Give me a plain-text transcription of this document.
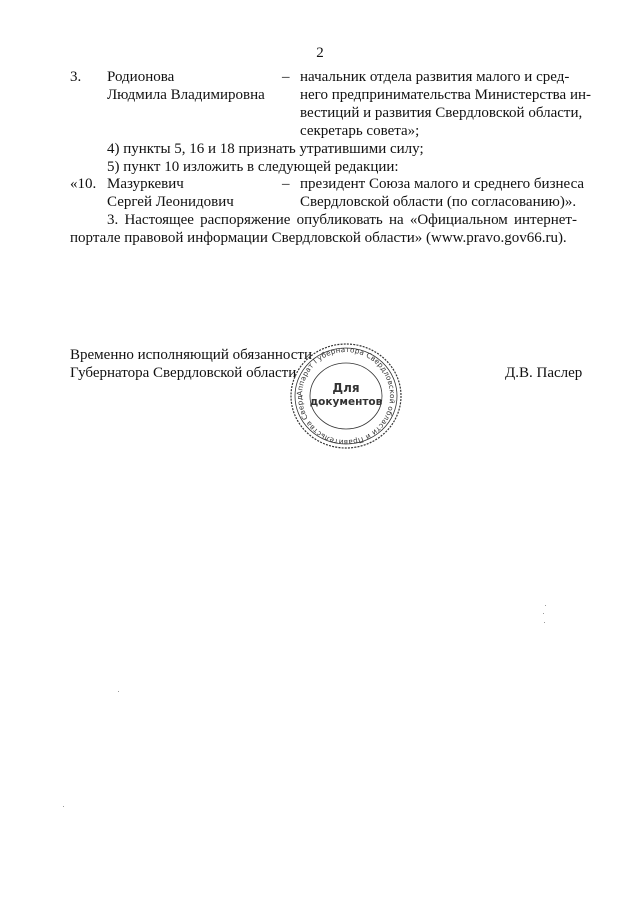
2
3. Родионова
Людмила Владимировна
– начальник отдела развития малого и сред-
него предпринимательства Министерства ин-
вестиций и развития Свердловской области,
секретарь совета»;
4) пункты 5, 16 и 18 признать утратившими силу;
5) пункт 10 изложить в следующей редакции:
«10. Мазуркевич
Сергей Леонидович
– президент Союза малого и среднего бизнеса
Свердловской области (по согласованию)».
3. Настоящее распоряжение опубликовать на «Официальном интернет-
портале правовой информации Свердловской области» (www.pravo.gov66.ru).
Временно исполняющий обязанности
Губернатора Свердловской области	Д.В. Паслер
Аппарат Губернатора Свердловской области и Правительства Сверд
Для
документов
